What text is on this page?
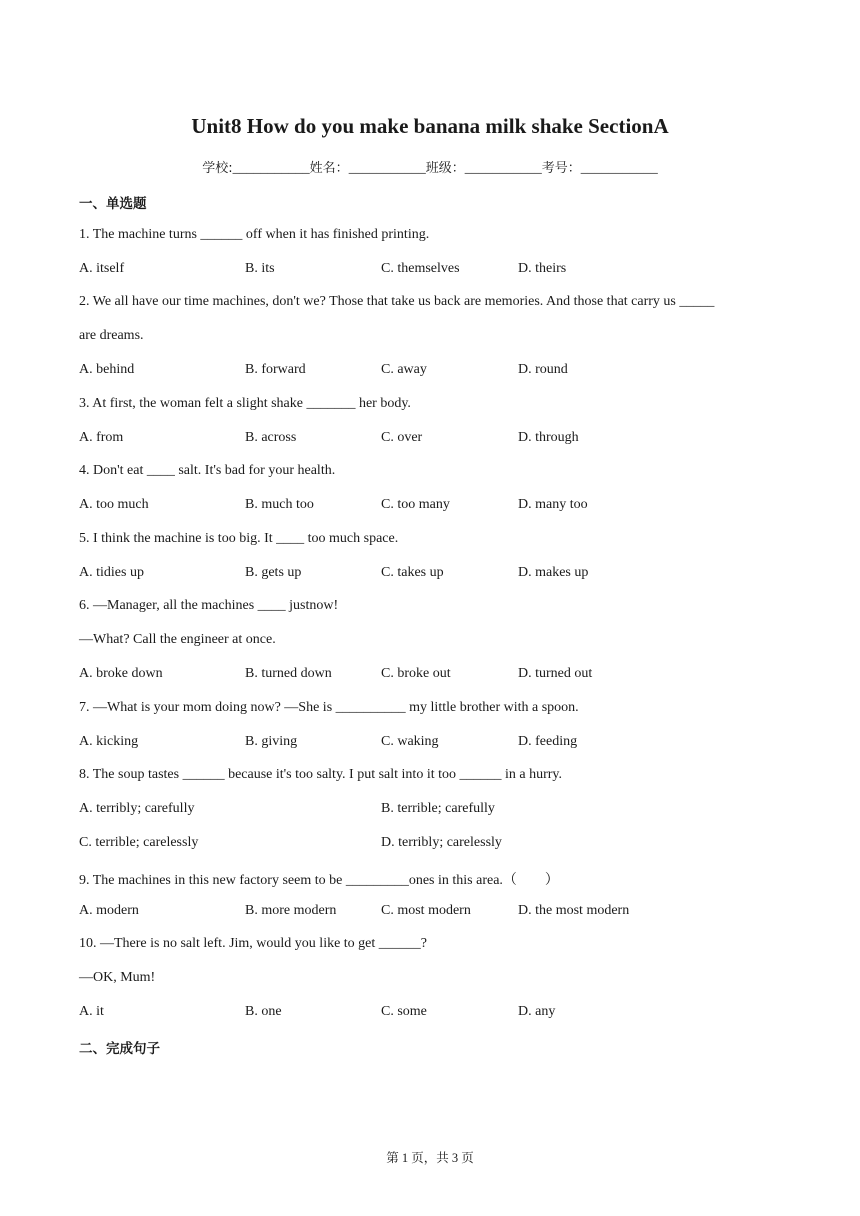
Unit8 How do you make banana milk shake SectionA
学校:___________姓名：___________班级：___________考号：___________
一、单选题
1. The machine turns ______ off when it has finished printing.
A. itself	B. its	C. themselves	D. theirs
2. We all have our time machines, don't we? Those that take us back are memories. And those that carry us _____
are dreams.
A. behind	B. forward	C. away	D. round
3. At first, the woman felt a slight shake _______ her body.
A. from	B. across	C. over	D. through
4. Don't eat ____ salt. It's bad for your health.
A. too much	B. much too	C. too many	D. many too
5. I think the machine is too big. It ____ too much space.
A. tidies up	B. gets up	C. takes up	D. makes up
6. —Manager, all the machines ____ justnow!
—What? Call the engineer at once.
A. broke down	B. turned down	C. broke out	D. turned out
7. —What is your mom doing now? —She is __________ my little brother with a spoon.
A. kicking	B. giving	C. waking	D. feeding
8. The soup tastes ______ because it's too salty. I put salt into it too ______ in a hurry.
A. terribly; carefully	B. terrible; carefully
C. terrible; carelessly	D. terribly; carelessly
9. The machines in this new factory seem to be _________ones in this area.（　　）
A. modern	B. more modern	C. most modern	D. the most modern
10. —There is no salt left. Jim, would you like to get ______?
—OK, Mum!
A. it	B. one	C. some	D. any
二、完成句子
第 1 页，共 3 页
